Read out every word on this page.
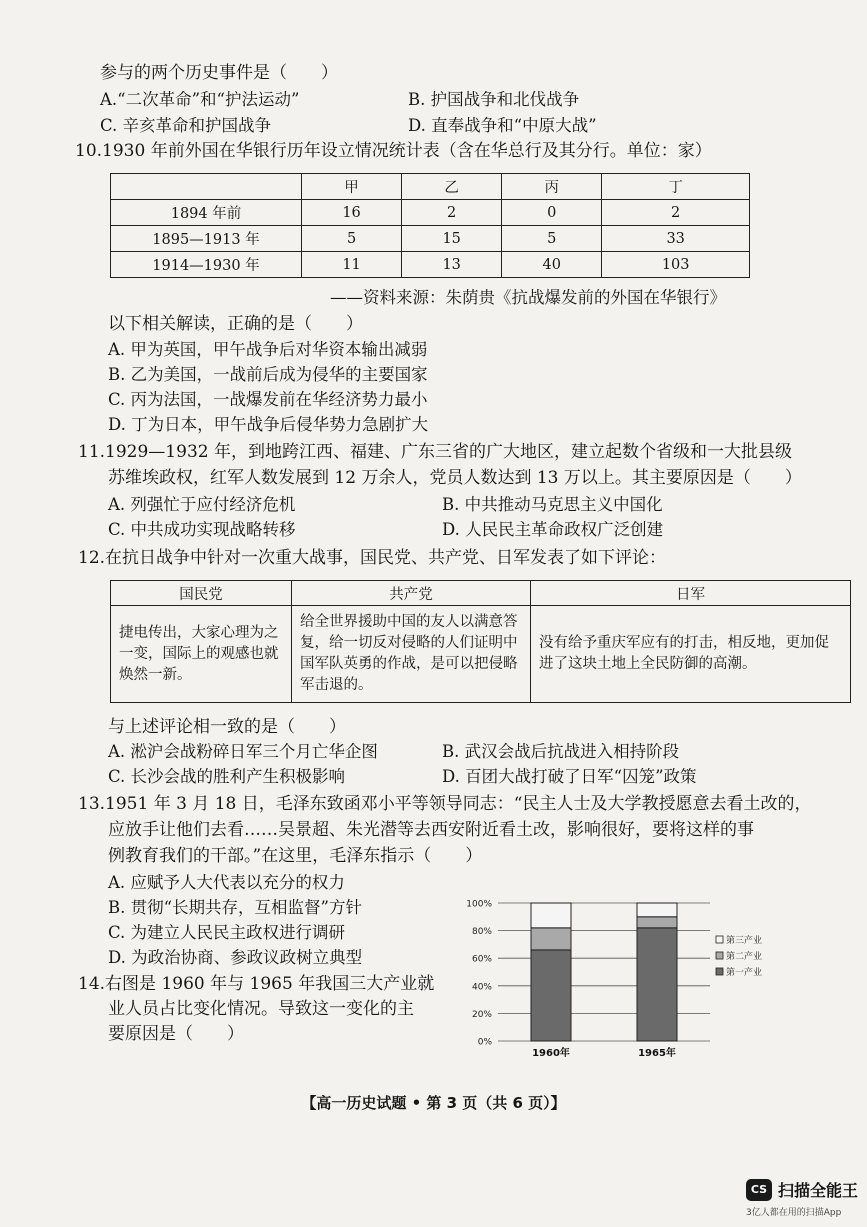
参与的两个历史事件是（　　）
A.“二次革命”和“护法运动”	B. 护国战争和北伐战争
C. 辛亥革命和护国战争	D. 直奉战争和“中原大战”
10.1930 年前外国在华银行历年设立情况统计表（含在华总行及其分行。单位：家）
	甲	乙	丙	丁
1894 年前	16	2	0	2
1895—1913 年	5	15	5	33
1914—1930 年	11	13	40	103
——资料来源：朱荫贵《抗战爆发前的外国在华银行》
以下相关解读，正确的是（　　）
A. 甲为英国，甲午战争后对华资本输出减弱
B. 乙为美国，一战前后成为侵华的主要国家
C. 丙为法国，一战爆发前在华经济势力最小
D. 丁为日本，甲午战争后侵华势力急剧扩大
11.1929—1932 年，到地跨江西、福建、广东三省的广大地区，建立起数个省级和一大批县级
苏维埃政权，红军人数发展到 12 万余人，党员人数达到 13 万以上。其主要原因是（　　）
A. 列强忙于应付经济危机	B. 中共推动马克思主义中国化
C. 中共成功实现战略转移	D. 人民民主革命政权广泛创建
12.在抗日战争中针对一次重大战事，国民党、共产党、日军发表了如下评论：
国民党	共产党	日军
捷电传出，大家心理为之一变，国际上的观感也就焕然一新。	给全世界援助中国的友人以满意答复，给一切反对侵略的人们证明中国军队英勇的作战，是可以把侵略军击退的。	没有给予重庆军应有的打击，相反地，更加促进了这块土地上全民防御的高潮。
与上述评论相一致的是（　　）
A. 淞沪会战粉碎日军三个月亡华企图	B. 武汉会战后抗战进入相持阶段
C. 长沙会战的胜利产生积极影响	D. 百团大战打破了日军“囚笼”政策
13.1951 年 3 月 18 日，毛泽东致函邓小平等领导同志：“民主人士及大学教授愿意去看土改的，
应放手让他们去看……吴景超、朱光潜等去西安附近看土改，影响很好，要将这样的事
例教育我们的干部。”在这里，毛泽东指示（　　）
A. 应赋予人大代表以充分的权力
B. 贯彻“长期共存，互相监督”方针
C. 为建立人民民主政权进行调研
D. 为政治协商、参政议政树立典型
14.右图是 1960 年与 1965 年我国三大产业就
业人员占比变化情况。导致这一变化的主
要原因是（　　）	0%
20%
40%
60%
80%
100%
1960年	1965年
第三产业
第二产业
第一产业
【高一历史试题 • 第 3 页（共 6 页）】
CS 扫描全能王
3亿人都在用的扫描App
